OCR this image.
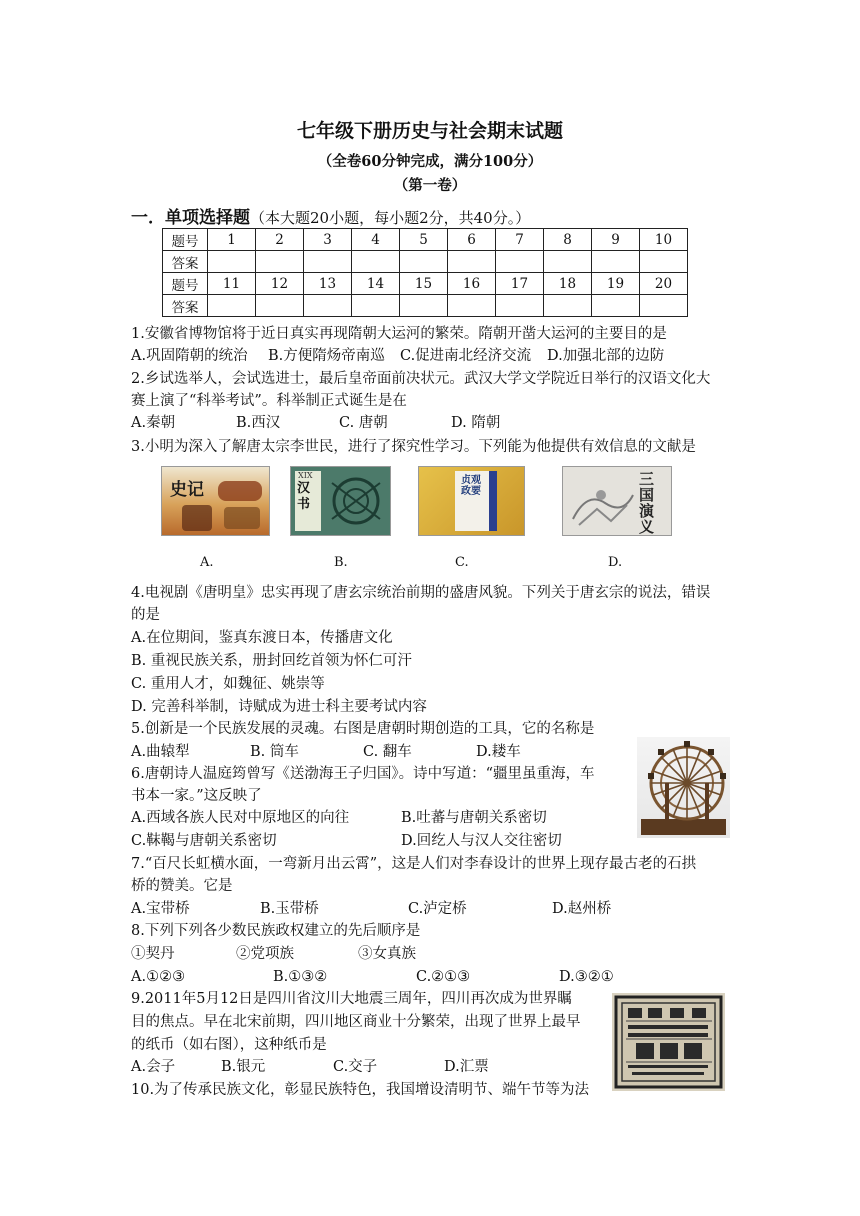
七年级下册历史与社会期末试题
（全卷60分钟完成，满分100分）
（第一卷）
一．单项选择题（本大题20小题，每小题2分，共40分。）
题号	1	2	3	4	5	6	7	8	9	10
答案										
题号	11	12	13	14	15	16	17	18	19	20
答案										
1.安徽省博物馆将于近日真实再现隋朝大运河的繁荣。隋朝开凿大运河的主要目的是
A.巩固隋朝的统治 B.方便隋炀帝南巡 C.促进南北经济交流 D.加强北部的边防
2.乡试选举人，会试选进士，最后皇帝面前决状元。武汉大学文学院近日举行的汉语文化大
赛上演了“科举考试”。科举制正式诞生是在
A.秦朝	B.西汉	C. 唐朝	D. 隋朝
3.小明为深入了解唐太宗李世民，进行了探究性学习。下列能为他提供有效信息的文献是
史记
XIX
汉书
贞观政要
三国演义
A.	B.	C.	D.
4.电视剧《唐明皇》忠实再现了唐玄宗统治前期的盛唐风貌。下列关于唐玄宗的说法，错误
的是
A.在位期间，鉴真东渡日本，传播唐文化
B. 重视民族关系，册封回纥首领为怀仁可汗
C. 重用人才，如魏征、姚崇等
D. 完善科举制，诗赋成为进士科主要考试内容
5.创新是一个民族发展的灵魂。右图是唐朝时期创造的工具，它的名称是
A.曲辕犁	B. 筒车	C. 翻车	D.耧车
6.唐朝诗人温庭筠曾写《送渤海王子归国》。诗中写道：“疆里虽重海，车
书本一家。”这反映了
A.西域各族人民对中原地区的向往	B.吐蕃与唐朝关系密切
C.靺鞨与唐朝关系密切	D.回纥人与汉人交往密切
7.“百尺长虹横水面，一弯新月出云霄”，这是人们对李春设计的世界上现存最古老的石拱
桥的赞美。它是
A.宝带桥	B.玉带桥	C.泸定桥	D.赵州桥
8.下列下列各少数民族政权建立的先后顺序是
①契丹	②党项族	③女真族
A.①②③	B.①③②	C.②①③	D.③②①
9.2011年5月12日是四川省汶川大地震三周年，四川再次成为世界瞩
目的焦点。早在北宋前期，四川地区商业十分繁荣，出现了世界上最早
的纸币（如右图），这种纸币是
A.会子	B.银元	C.交子	D.汇票
10.为了传承民族文化，彰显民族特色，我国增设清明节、端午节等为法
